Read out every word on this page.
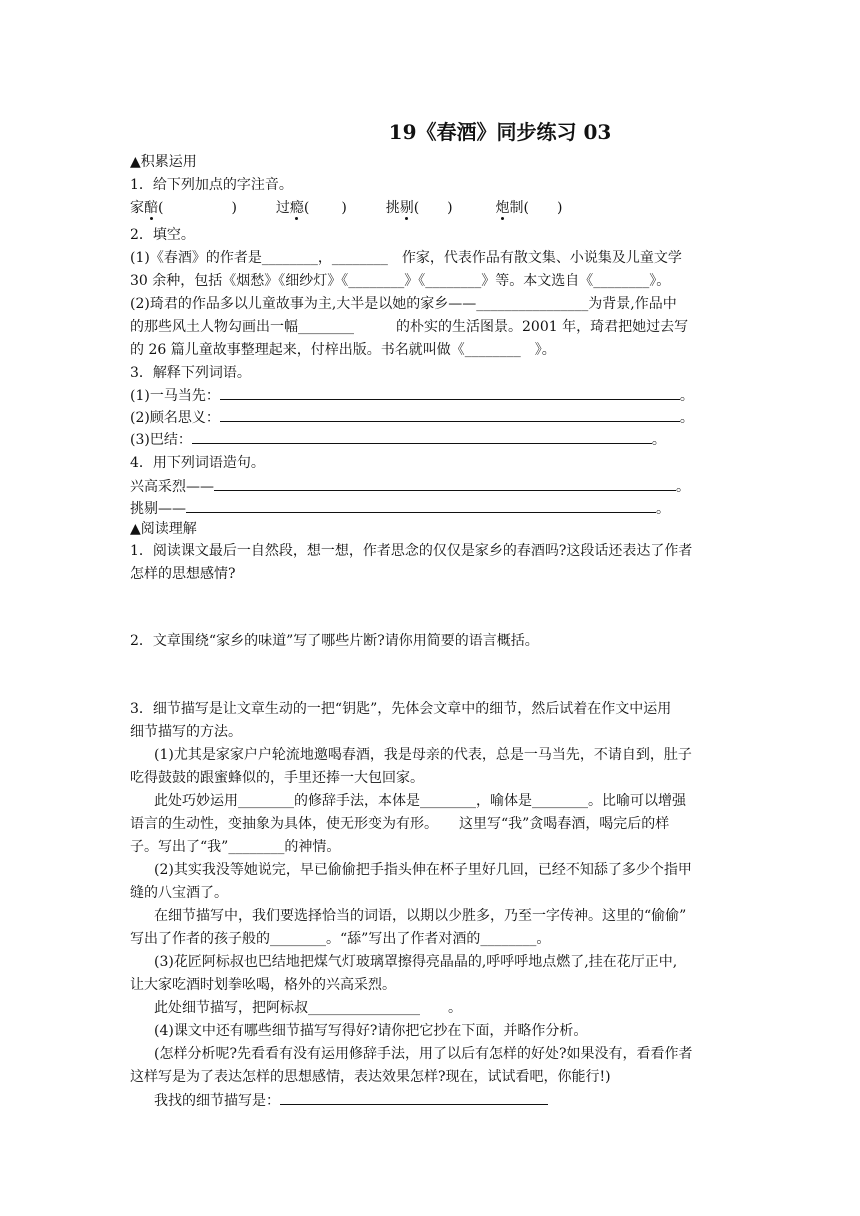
19《春酒》同步练习 03
▲积累运用
1．给下列加点的字注音。
家醅(	)	过瘾( )	挑剔( )	炮制( )
2．填空。
(1)《春酒》的作者是________，________　作家，代表作品有散文集、小说集及儿童文学
30 余种，包括《烟愁》《细纱灯》《________》《________》等。本文选自《________》。
(2)琦君的作品多以儿童故事为主,大半是以她的家乡——________________为背景,作品中
的那些风土人物勾画出一幅________　　　的朴实的生活图景。2001 年，琦君把她过去写
的 26 篇儿童故事整理起来，付梓出版。书名就叫做《________　》。
3．解释下列词语。
(1)一马当先：	。
(2)顾名思义：	。
(3)巴结：	。
4．用下列词语造句。
兴高采烈——	。
挑剔——	。
▲阅读理解
1．阅读课文最后一自然段，想一想，作者思念的仅仅是家乡的春酒吗?这段话还表达了作者
怎样的思想感情?
2．文章围绕“家乡的味道”写了哪些片断?请你用简要的语言概括。
3．细节描写是让文章生动的一把“钥匙”，先体会文章中的细节，然后试着在作文中运用
细节描写的方法。
(1)尤其是家家户户轮流地邀喝春酒，我是母亲的代表，总是一马当先，不请自到，肚子
吃得鼓鼓的跟蜜蜂似的，手里还捧一大包回家。
此处巧妙运用________的修辞手法，本体是________，喻体是________。比喻可以增强
语言的生动性，变抽象为具体，使无形变为有形。　　这里写“我”贪喝春酒，喝完后的样
子。写出了“我”________的神情。
(2)其实我没等她说完，早已偷偷把手指头伸在杯子里好几回，已经不知舔了多少个指甲
缝的八宝酒了。
在细节描写中，我们要选择恰当的词语，以期以少胜多，乃至一字传神。这里的“偷偷”
写出了作者的孩子般的________。“舔”写出了作者对酒的________。
(3)花匠阿标叔也巴结地把煤气灯玻璃罩擦得亮晶晶的,呼呼呼地点燃了,挂在花厅正中,
让大家吃酒时划拳吆喝，格外的兴高采烈。
此处细节描写，把阿标叔________________　　。
(4)课文中还有哪些细节描写写得好?请你把它抄在下面，并略作分析。
(怎样分析呢?先看看有没有运用修辞手法，用了以后有怎样的好处?如果没有，看看作者
这样写是为了表达怎样的思想感情，表达效果怎样?现在，试试看吧，你能行!)
我找的细节描写是：
